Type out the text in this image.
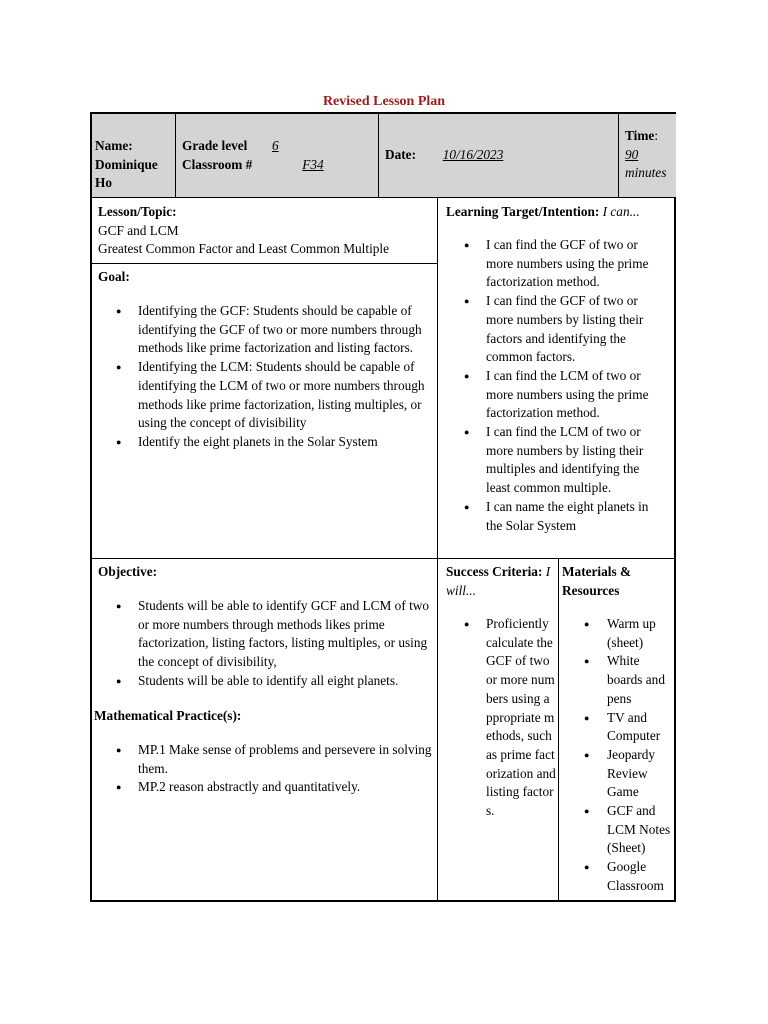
Revised Lesson Plan
Name:
Dominique
Ho
Grade level 6
Classroom #	F34
Date: 10/16/2023
Time:
90
minutes
Lesson/Topic:
GCF and LCM
Greatest Common Factor and Least Common Multiple
Goal:
● Identifying the GCF: Students should be capable of identifying the GCF of two or more numbers through methods like prime factorization and listing factors.
● Identifying the LCM: Students should be capable of identifying the LCM of two or more numbers through methods like prime factorization, listing multiples, or using the concept of divisibility
● Identify the eight planets in the Solar System
Learning Target/Intention: I can...
● I can find the GCF of two or more numbers using the prime factorization method.
● I can find the GCF of two or more numbers by listing their factors and identifying the common factors.
● I can find the LCM of two or more numbers using the prime factorization method.
● I can find the LCM of two or more numbers by listing their multiples and identifying the least common multiple.
● I can name the eight planets in the Solar System
Objective:
● Students will be able to identify GCF and LCM of two or more numbers through methods likes prime factorization, listing factors, listing multiples, or using the concept of divisibility,
● Students will be able to identify all eight planets.
Mathematical Practice(s):
● MP.1 Make sense of problems and persevere in solving them.
● MP.2 reason abstractly and quantitatively.
Success Criteria: I will...
● Proficiently calculate the GCF of two or more numbers using appropriate methods, such as prime factorization and listing factors.
Materials & Resources
● Warm up (sheet)
● White boards and pens
● TV and Computer
● Jeopardy Review Game
● GCF and LCM Notes (Sheet)
● Google Classroom
